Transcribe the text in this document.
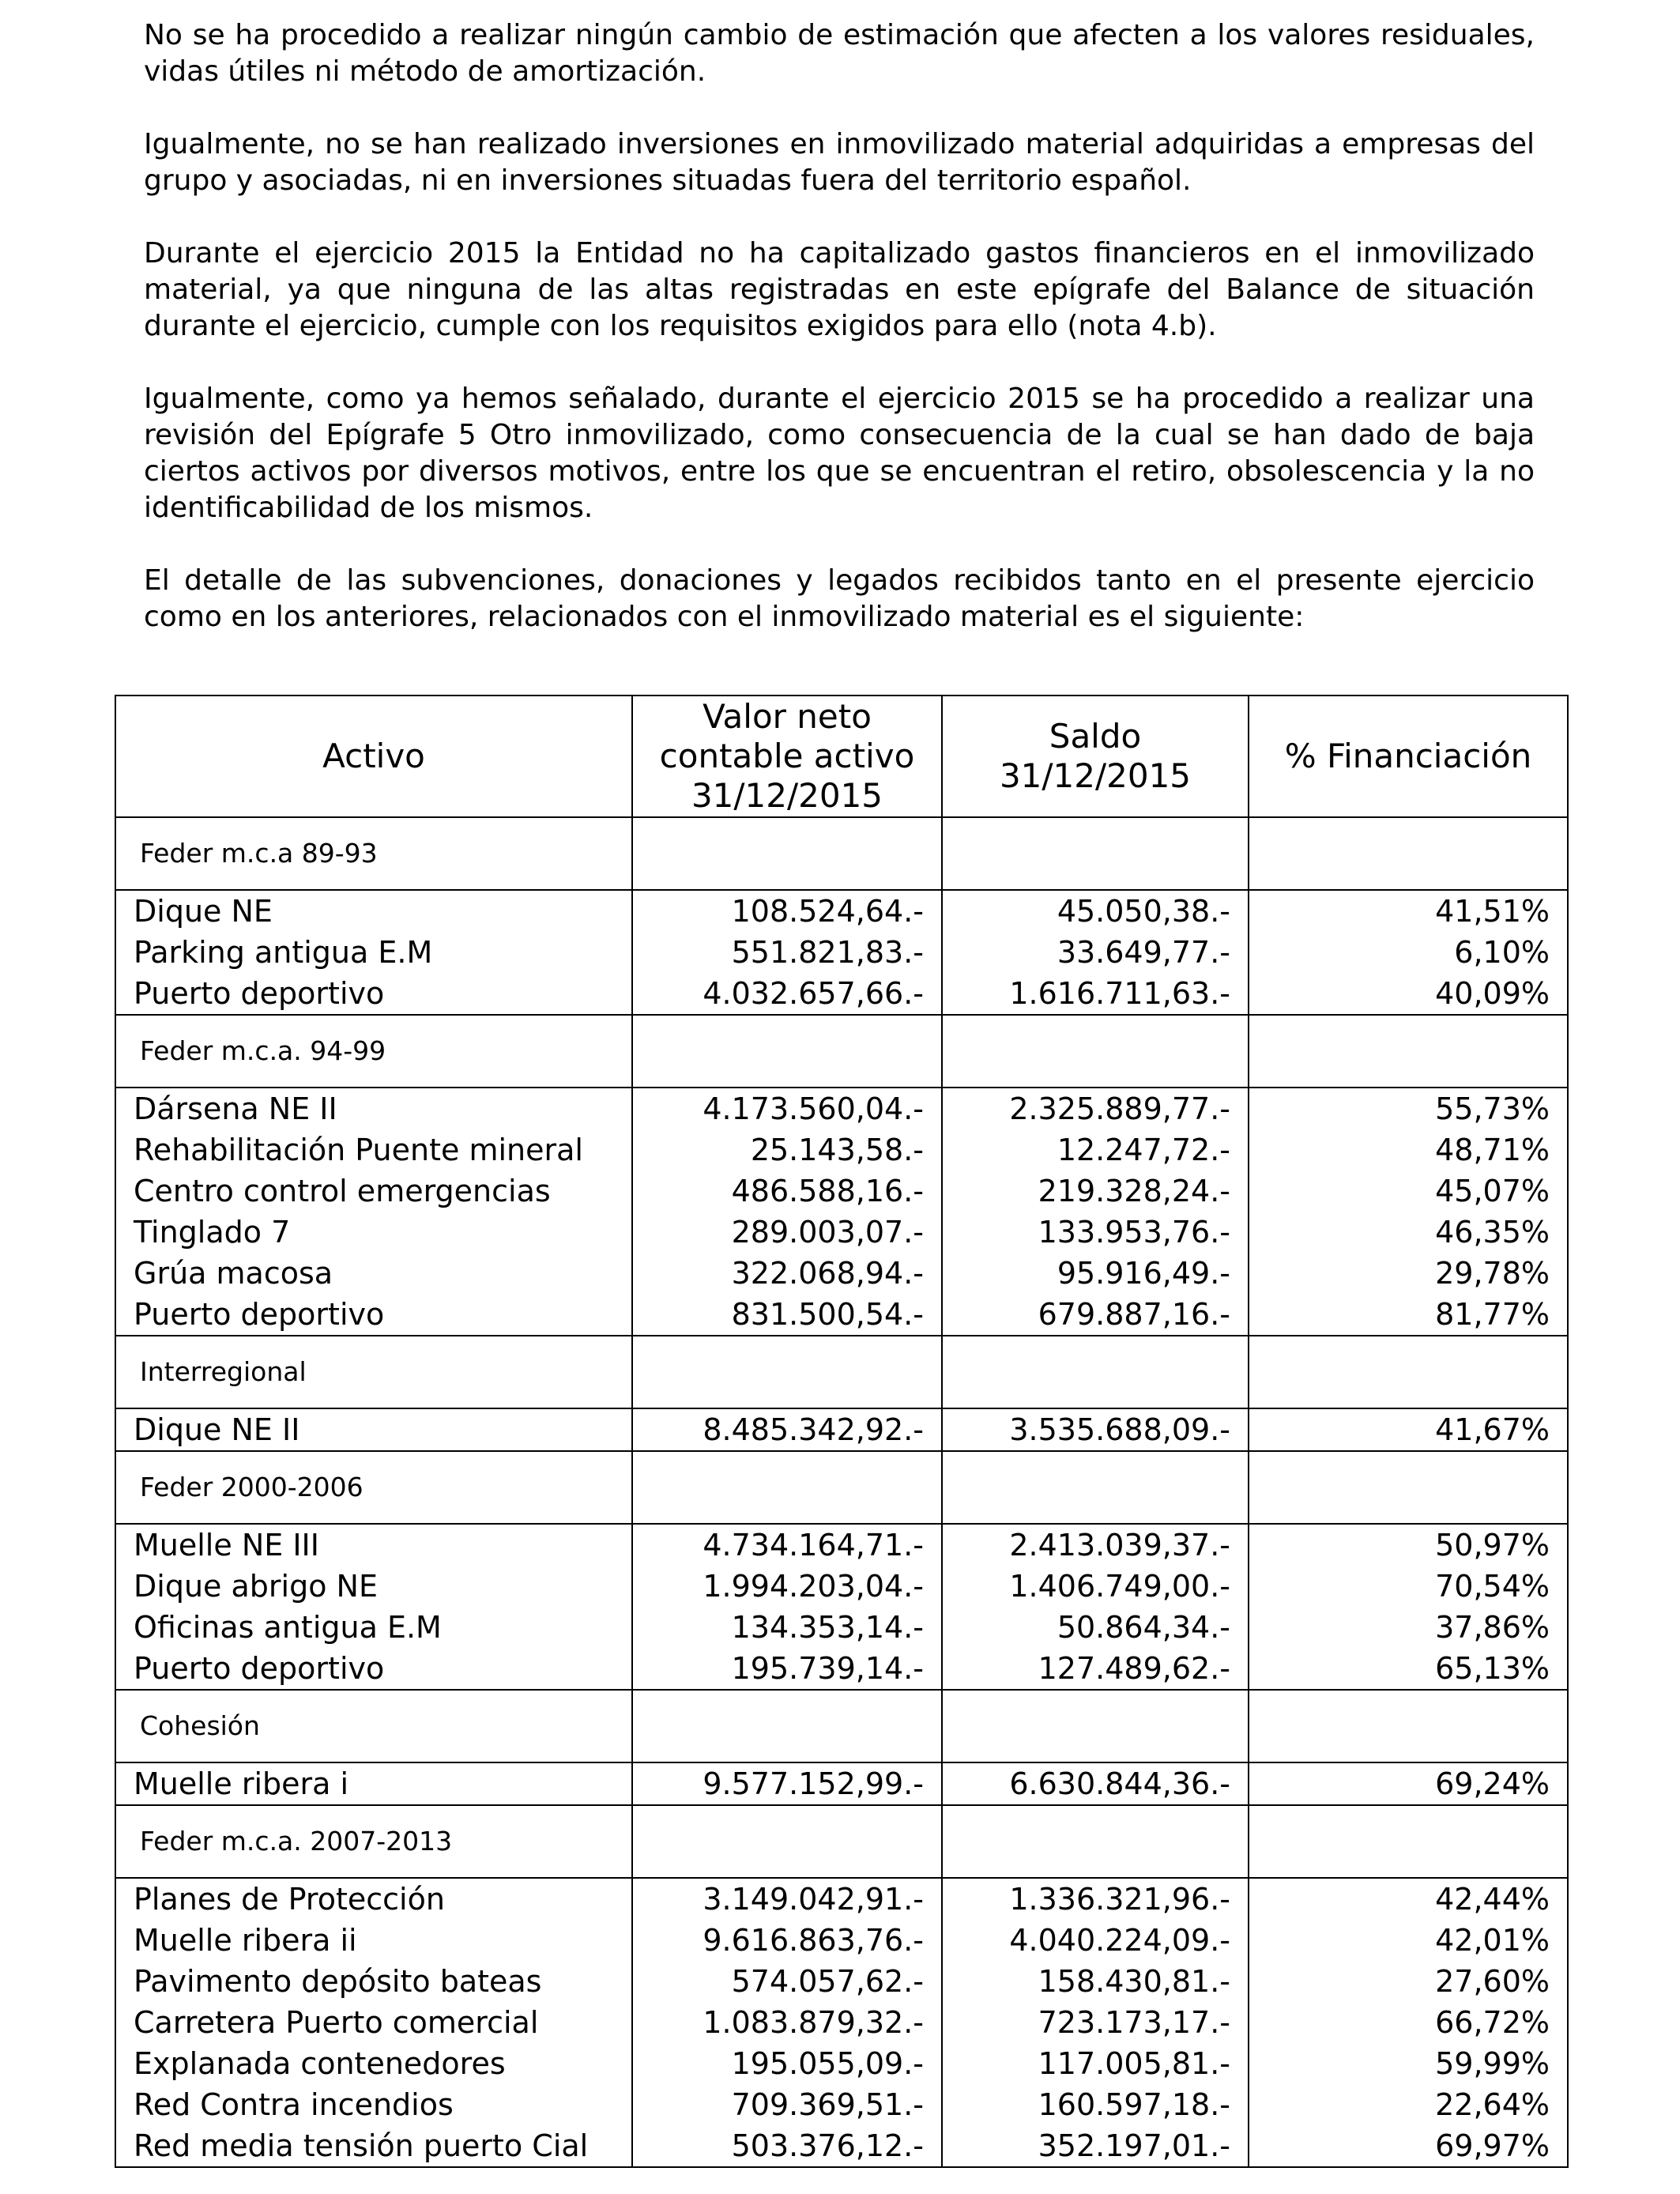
No se ha procedido a realizar ningún cambio de estimación que afecten a los valores residuales, vidas útiles ni método de amortización.

Igualmente, no se han realizado inversiones en inmovilizado material adquiridas a empresas del grupo y asociadas, ni en inversiones situadas fuera del territorio español.

Durante el ejercicio 2015 la Entidad no ha capitalizado gastos financieros en el inmovilizado material, ya que ninguna de las altas registradas en este epígrafe del Balance de situación durante el ejercicio, cumple con los requisitos exigidos para ello (nota 4.b).

Igualmente, como ya hemos señalado, durante el ejercicio 2015 se ha procedido a realizar una revisión del Epígrafe 5 Otro inmovilizado, como consecuencia de la cual se han dado de baja ciertos activos por diversos motivos, entre los que se encuentran el retiro, obsolescencia y la no identificabilidad de los mismos.

El detalle de las subvenciones, donaciones y legados recibidos tanto en el presente ejercicio como en los anteriores, relacionados con el inmovilizado material es el siguiente:

Activo	Valor neto contable activo 31/12/2015	Saldo 31/12/2015	% Financiación
Feder m.c.a 89-93			
Dique NE	108.524,64.-	45.050,38.-	41,51%
Parking antigua E.M	551.821,83.-	33.649,77.-	6,10%
Puerto deportivo	4.032.657,66.-	1.616.711,63.-	40,09%
Feder m.c.a. 94-99			
Dársena NE II	4.173.560,04.-	2.325.889,77.-	55,73%
Rehabilitación Puente mineral	25.143,58.-	12.247,72.-	48,71%
Centro control emergencias	486.588,16.-	219.328,24.-	45,07%
Tinglado 7	289.003,07.-	133.953,76.-	46,35%
Grúa macosa	322.068,94.-	95.916,49.-	29,78%
Puerto deportivo	831.500,54.-	679.887,16.-	81,77%
Interregional			
Dique NE II	8.485.342,92.-	3.535.688,09.-	41,67%
Feder 2000-2006			
Muelle NE III	4.734.164,71.-	2.413.039,37.-	50,97%
Dique abrigo NE	1.994.203,04.-	1.406.749,00.-	70,54%
Oficinas antigua E.M	134.353,14.-	50.864,34.-	37,86%
Puerto deportivo	195.739,14.-	127.489,62.-	65,13%
Cohesión			
Muelle ribera i	9.577.152,99.-	6.630.844,36.-	69,24%
Feder m.c.a. 2007-2013			
Planes de Protección	3.149.042,91.-	1.336.321,96.-	42,44%
Muelle ribera ii	9.616.863,76.-	4.040.224,09.-	42,01%
Pavimento depósito bateas	574.057,62.-	158.430,81.-	27,60%
Carretera Puerto comercial	1.083.879,32.-	723.173,17.-	66,72%
Explanada contenedores	195.055,09.-	117.005,81.-	59,99%
Red Contra incendios	709.369,51.-	160.597,18.-	22,64%
Red media tensión puerto Cial	503.376,12.-	352.197,01.-	69,97%
